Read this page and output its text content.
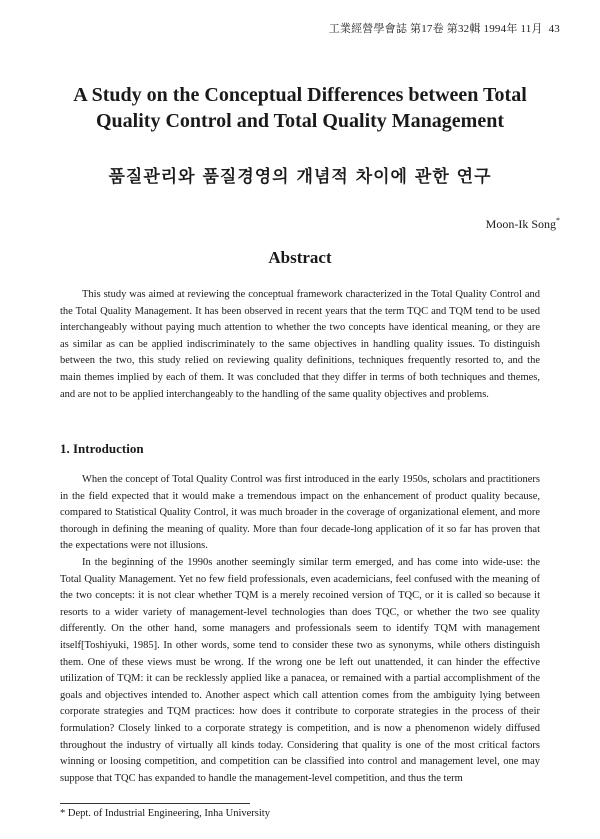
工業經營學會誌 第17卷 第32輯 1994年 11月 43
A Study on the Conceptual Differences between Total Quality Control and Total Quality Management
품질관리와 품질경영의 개념적 차이에 관한 연구
Moon-Ik Song*
Abstract

This study was aimed at reviewing the conceptual framework characterized in the Total Quality Control and the Total Quality Management. It has been observed in recent years that the term TQC and TQM tend to be used interchangeably without paying much attention to whether the two concepts have identical meaning, or they are as similar as can be applied indiscriminately to the same objectives in handling quality issues. To distinguish between the two, this study relied on reviewing quality definitions, techniques frequently resorted to, and the main themes implied by each of them. It was concluded that they differ in terms of both techniques and themes, and are not to be applied interchangeably to the handling of the same quality objectives and problems.

1. Introduction

When the concept of Total Quality Control was first introduced in the early 1950s, scholars and practitioners in the field expected that it would make a tremendous impact on the enhancement of product quality because, compared to Statistical Quality Control, it was much broader in the coverage of organizational element, and more thorough in defining the meaning of quality. More than four decade-long application of it so far has proven that the expectations were not illusions.

In the beginning of the 1990s another seemingly similar term emerged, and has come into wide-use: the Total Quality Management. Yet no few field professionals, even academicians, feel confused with the meaning of the two concepts: it is not clear whether TQM is a merely recoined version of TQC, or it is called so because it resorts to a wider variety of management-level technologies than does TQC, or whether the two see quality differently. On the other hand, some managers and professionals seem to identify TQM with management itself[Toshiyuki, 1985]. In other words, some tend to consider these two as synonyms, while others distinguish them. One of these views must be wrong. If the wrong one be left out unattended, it can hinder the effective utilization of TQM: it can be recklessly applied like a panacea, or remained with a partial accomplishment of the goals and objectives intended to. Another aspect which call attention comes from the ambiguity lying between corporate strategies and TQM practices: how does it contribute to corporate strategies in the process of their formulation? Closely linked to a corporate strategy is competition, and is now a phenomenon widely diffused throughout the industry of virtually all kinds today. Considering that quality is one of the most critical factors winning or loosing competition, and competition can be classified into control and management level, one may suppose that TQC has expanded to handle the management-level competition, and thus the term

* Dept. of Industrial Engineering, Inha University
